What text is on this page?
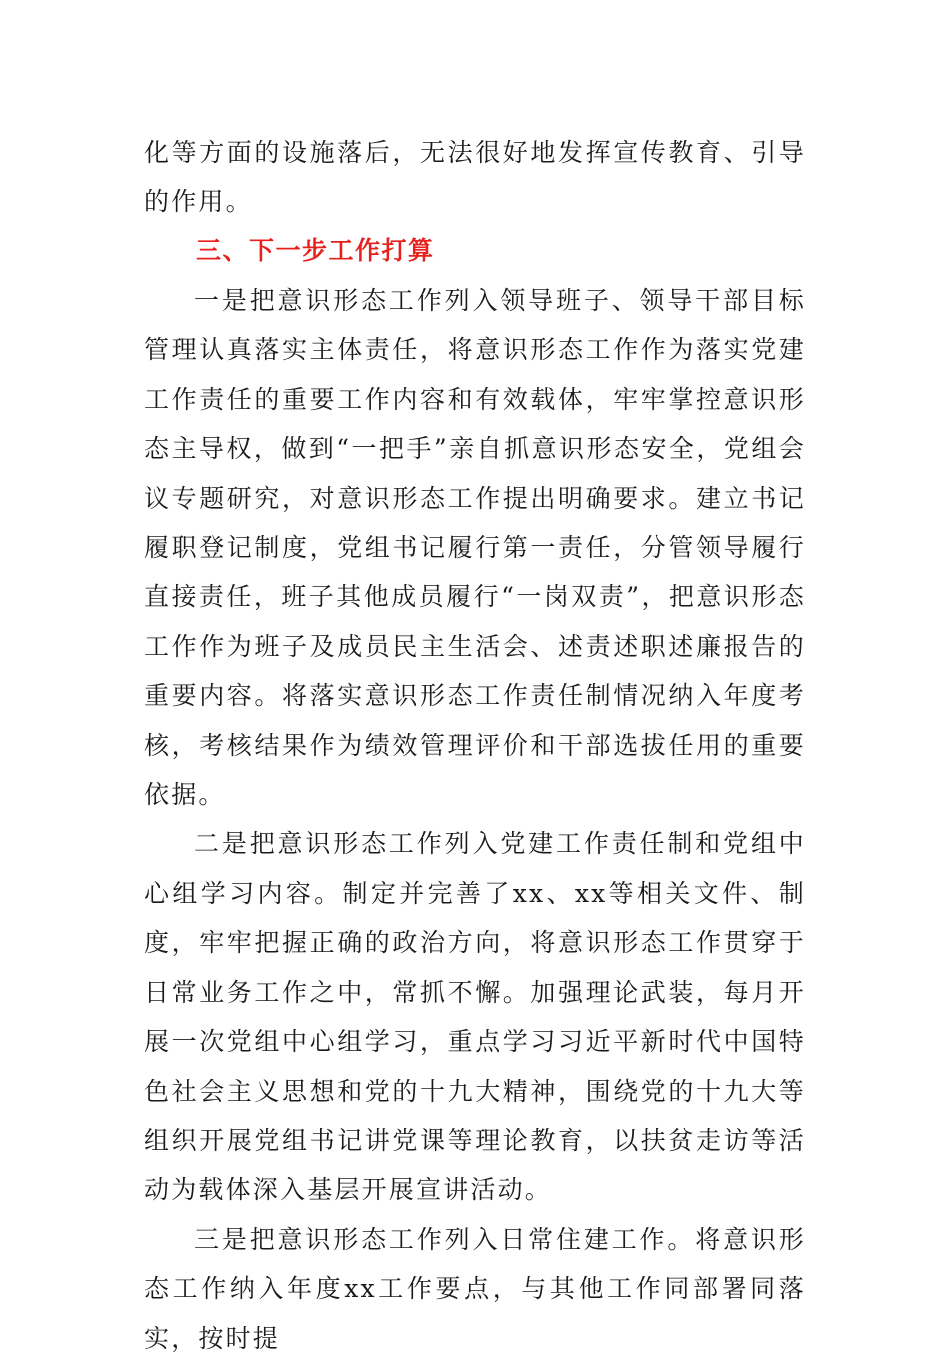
化等方面的设施落后，无法很好地发挥宣传教育、引导的作用。

三、下一步工作打算

一是把意识形态工作列入领导班子、领导干部目标管理认真落实主体责任，将意识形态工作作为落实党建工作责任的重要工作内容和有效载体，牢牢掌控意识形态主导权，做到“一把手”亲自抓意识形态安全，党组会议专题研究，对意识形态工作提出明确要求。建立书记履职登记制度，党组书记履行第一责任，分管领导履行直接责任，班子其他成员履行“一岗双责”，把意识形态工作作为班子及成员民主生活会、述责述职述廉报告的重要内容。将落实意识形态工作责任制情况纳入年度考核，考核结果作为绩效管理评价和干部选拔任用的重要依据。

二是把意识形态工作列入党建工作责任制和党组中心组学习内容。制定并完善了xx、xx等相关文件、制度，牢牢把握正确的政治方向，将意识形态工作贯穿于日常业务工作之中，常抓不懈。加强理论武装，每月开展一次党组中心组学习，重点学习习近平新时代中国特色社会主义思想和党的十九大精神，围绕党的十九大等组织开展党组书记讲党课等理论教育，以扶贫走访等活动为载体深入基层开展宣讲活动。

三是把意识形态工作列入日常住建工作。将意识形态工作纳入年度xx工作要点，与其他工作同部署同落实，按时提
